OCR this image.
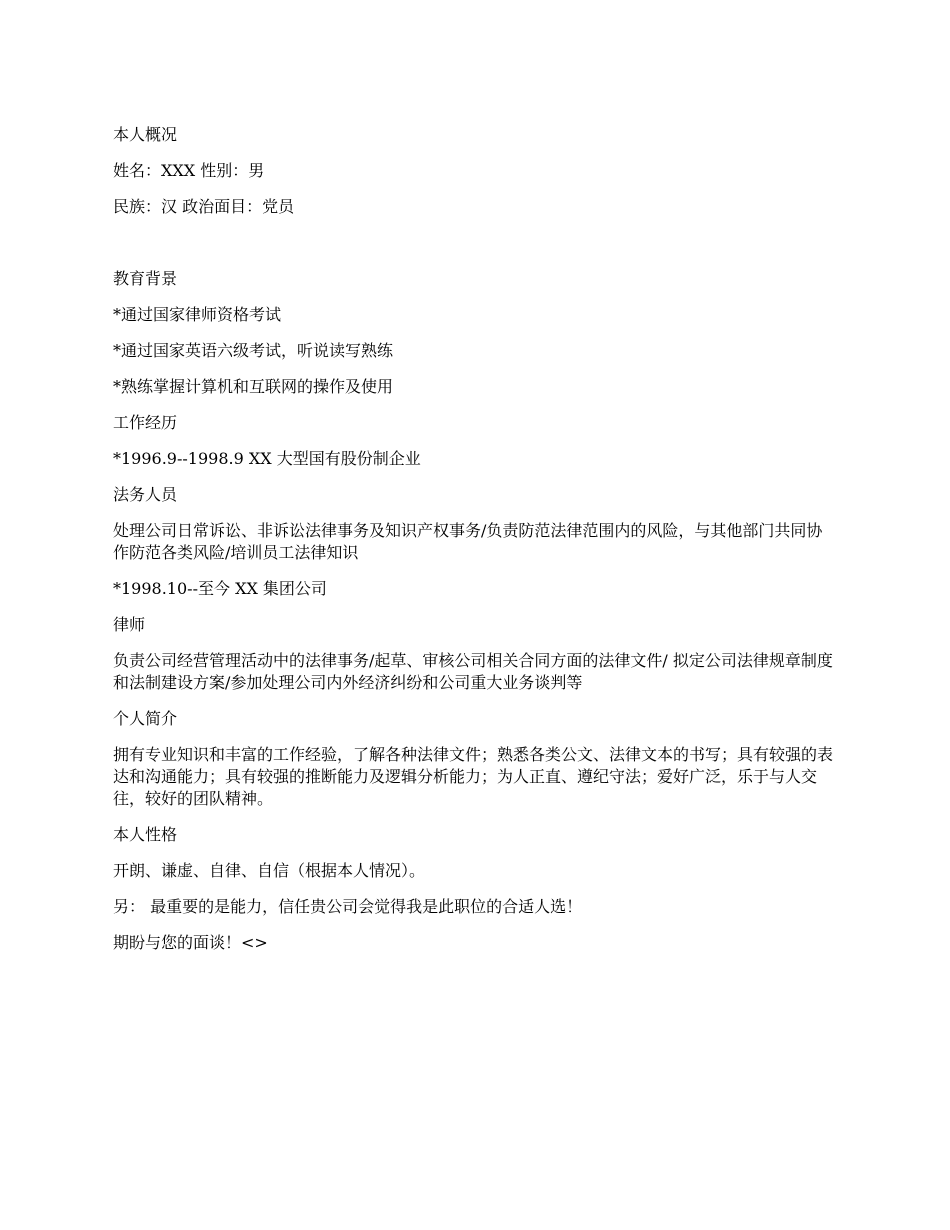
本人概况

姓名：XXX 性别：男

民族：汉 政治面目：党员

教育背景

*通过国家律师资格考试

*通过国家英语六级考试，听说读写熟练

*熟练掌握计算机和互联网的操作及使用

工作经历

*1996.9--1998.9 XX 大型国有股份制企业

法务人员

处理公司日常诉讼、非诉讼法律事务及知识产权事务/负责防范法律范围内的风险，与其他部门共同协作防范各类风险/培训员工法律知识

*1998.10--至今 XX 集团公司

律师

负责公司经营管理活动中的法律事务/起草、审核公司相关合同方面的法律文件/ 拟定公司法律规章制度和法制建设方案/参加处理公司内外经济纠纷和公司重大业务谈判等

个人简介

拥有专业知识和丰富的工作经验，了解各种法律文件；熟悉各类公文、法律文本的书写；具有较强的表达和沟通能力；具有较强的推断能力及逻辑分析能力；为人正直、遵纪守法；爱好广泛，乐于与人交往，较好的团队精神。

本人性格

开朗、谦虚、自律、自信（根据本人情况）。

另： 最重要的是能力，信任贵公司会觉得我是此职位的合适人选！

期盼与您的面谈！<>
